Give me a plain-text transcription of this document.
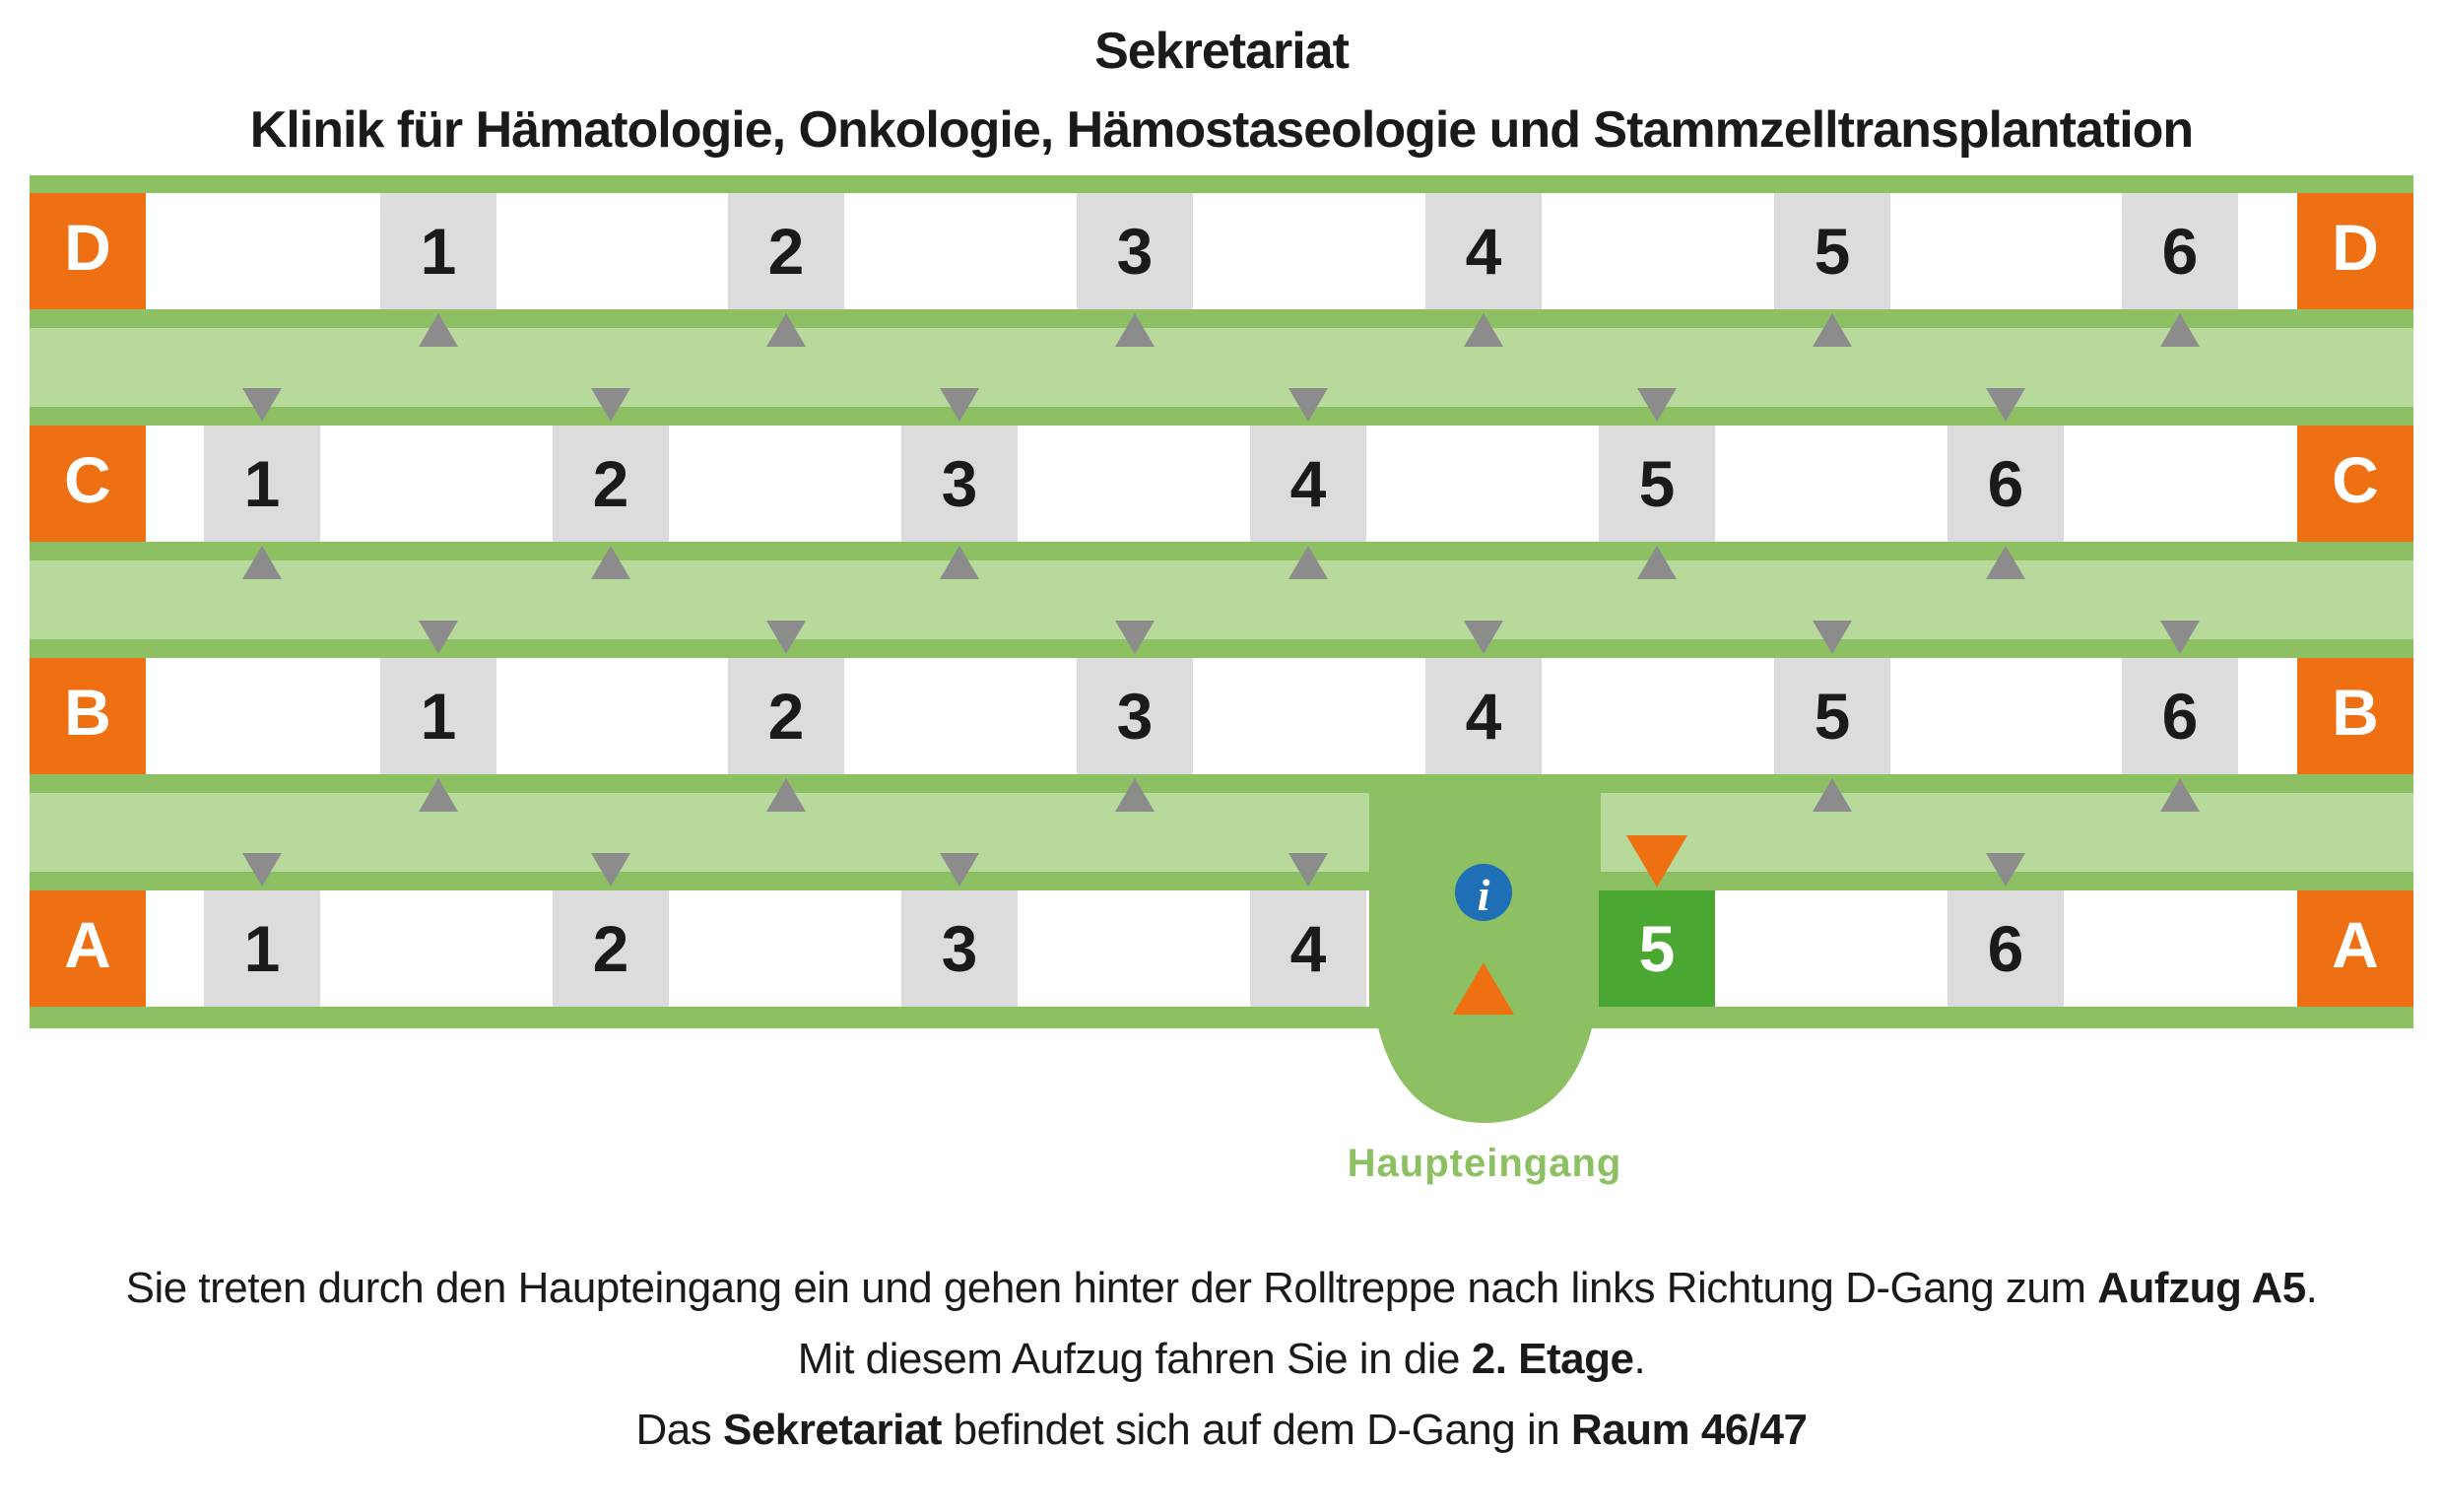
Sekretariat
Klinik für Hämatologie, Onkologie, Hämostaseologie und Stammzelltransplantation
D	D
1	2	3	4	5	6
C	C
1	2	3	4	5	6
B	B
1	2	3	4	5	6
A	A
1	2	3	4	5	6
i
Haupteingang
Sie treten durch den Haupteingang ein und gehen hinter der Rolltreppe nach links Richtung D-Gang zum Aufzug A5.
Mit diesem Aufzug fahren Sie in die 2. Etage.
Das Sekretariat befindet sich auf dem D-Gang in Raum 46/47
